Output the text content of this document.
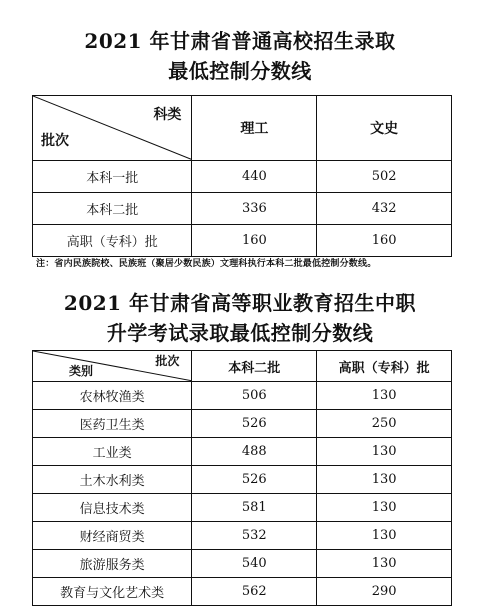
2021 年甘肃省普通高校招生录取
最低控制分数线
科类
批次	理工	文史
本科一批	440	502
本科二批	336	432
高职（专科）批	160	160
注：省内民族院校、民族班（聚居少数民族）文理科执行本科二批最低控制分数线。
2021 年甘肃省高等职业教育招生中职
升学考试录取最低控制分数线
批次
类别	本科二批	高职（专科）批
农林牧渔类	506	130
医药卫生类	526	250
工业类	488	130
土木水利类	526	130
信息技术类	581	130
财经商贸类	532	130
旅游服务类	540	130
教育与文化艺术类	562	290
